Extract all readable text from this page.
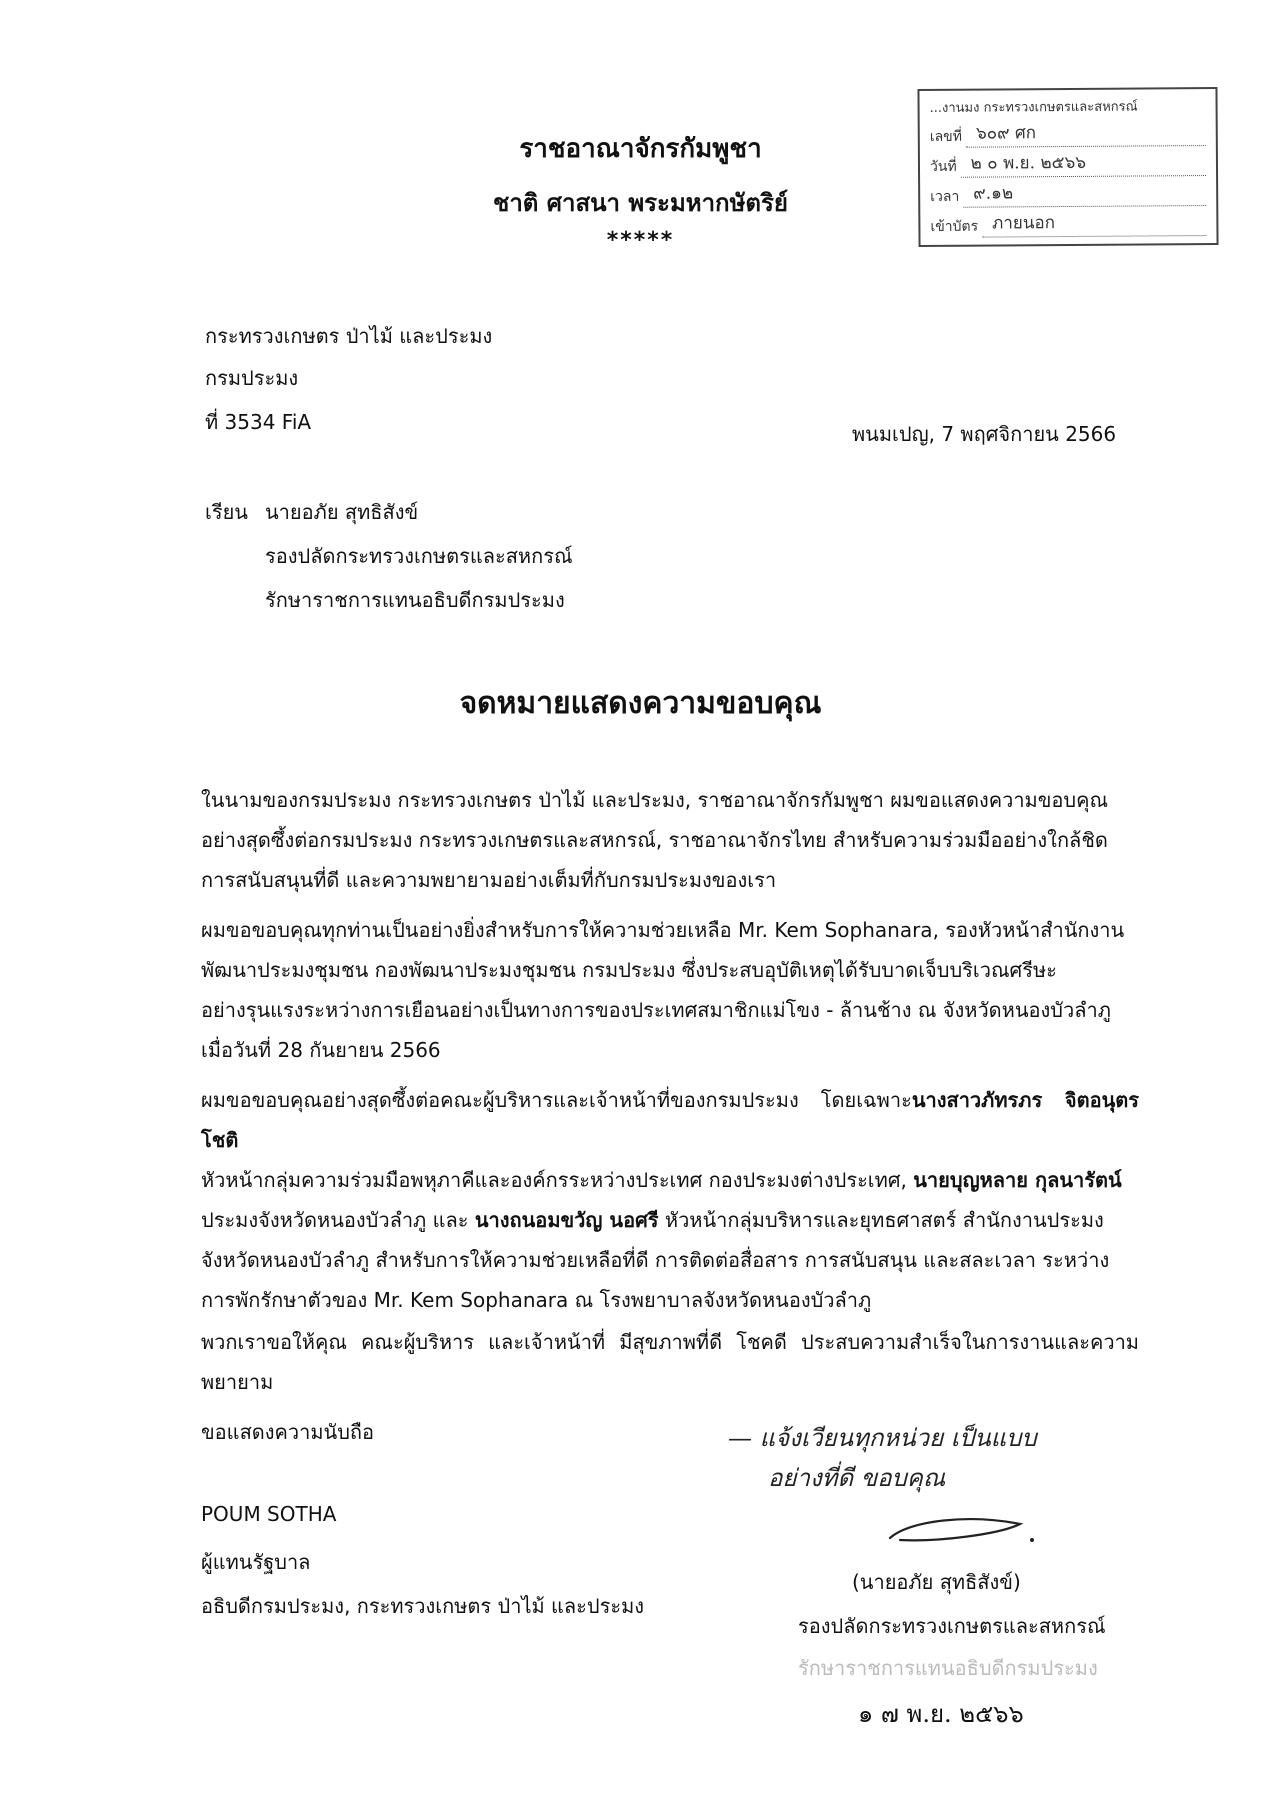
...งานมง กระทรวงเกษตรและสหกรณ์
เลขที่ ๖๐๙ ศก
วันที่ ๒ ๐ พ.ย. ๒๕๖๖
เวลา ๙.๑๒
เข้าบัตร ภายนอก
ราชอาณาจักรกัมพูชา
ชาติ ศาสนา พระมหากษัตริย์
*****
กระทรวงเกษตร ป่าไม้ และประมง
กรมประมง
ที่ 3534 FiA	พนมเปญ, 7 พฤศจิกายน 2566
เรียน นายอภัย สุทธิสังข์
รองปลัดกระทรวงเกษตรและสหกรณ์
รักษาราชการแทนอธิบดีกรมประมง
จดหมายแสดงความขอบคุณ
ในนามของกรมประมง กระทรวงเกษตร ป่าไม้ และประมง, ราชอาณาจักรกัมพูชา ผมขอแสดงความขอบคุณ
อย่างสุดซึ้งต่อกรมประมง กระทรวงเกษตรและสหกรณ์, ราชอาณาจักรไทย สำหรับความร่วมมืออย่างใกล้ชิด
การสนับสนุนที่ดี และความพยายามอย่างเต็มที่กับกรมประมงของเรา
ผมขอขอบคุณทุกท่านเป็นอย่างยิ่งสำหรับการให้ความช่วยเหลือ Mr. Kem Sophanara, รองหัวหน้าสำนักงาน
พัฒนาประมงชุมชน กองพัฒนาประมงชุมชน กรมประมง ซึ่งประสบอุบัติเหตุได้รับบาดเจ็บบริเวณศรีษะ
อย่างรุนแรงระหว่างการเยือนอย่างเป็นทางการของประเทศสมาชิกแม่โขง - ล้านช้าง ณ จังหวัดหนองบัวลำภู
เมื่อวันที่ 28 กันยายน 2566
ผมขอขอบคุณอย่างสุดซึ้งต่อคณะผู้บริหารและเจ้าหน้าที่ของกรมประมง โดยเฉพาะนางสาวภัทรภร จิตอนุตรโชติ
หัวหน้ากลุ่มความร่วมมือพหุภาคีและองค์กรระหว่างประเทศ กองประมงต่างประเทศ, นายบุญหลาย กุลนารัตน์
ประมงจังหวัดหนองบัวลำภู และ นางถนอมขวัญ นอศรี หัวหน้ากลุ่มบริหารและยุทธศาสตร์ สำนักงานประมง
จังหวัดหนองบัวลำภู สำหรับการให้ความช่วยเหลือที่ดี การติดต่อสื่อสาร การสนับสนุน และสละเวลา ระหว่าง
การพักรักษาตัวของ Mr. Kem Sophanara ณ โรงพยาบาลจังหวัดหนองบัวลำภู
พวกเราขอให้คุณ คณะผู้บริหาร และเจ้าหน้าที่ มีสุขภาพที่ดี โชคดี ประสบความสำเร็จในการงานและความพยายาม
ขอแสดงความนับถือ
POUM SOTHA
ผู้แทนรัฐบาล
อธิบดีกรมประมง, กระทรวงเกษตร ป่าไม้ และประมง
— แจ้งเวียนทุกหน่วย เป็นแบบ
อย่างที่ดี ขอบคุณ
(นายอภัย สุทธิสังข์)
รองปลัดกระทรวงเกษตรและสหกรณ์
รักษาราชการแทนอธิบดีกรมประมง
๑ ๗ พ.ย. ๒๕๖๖
